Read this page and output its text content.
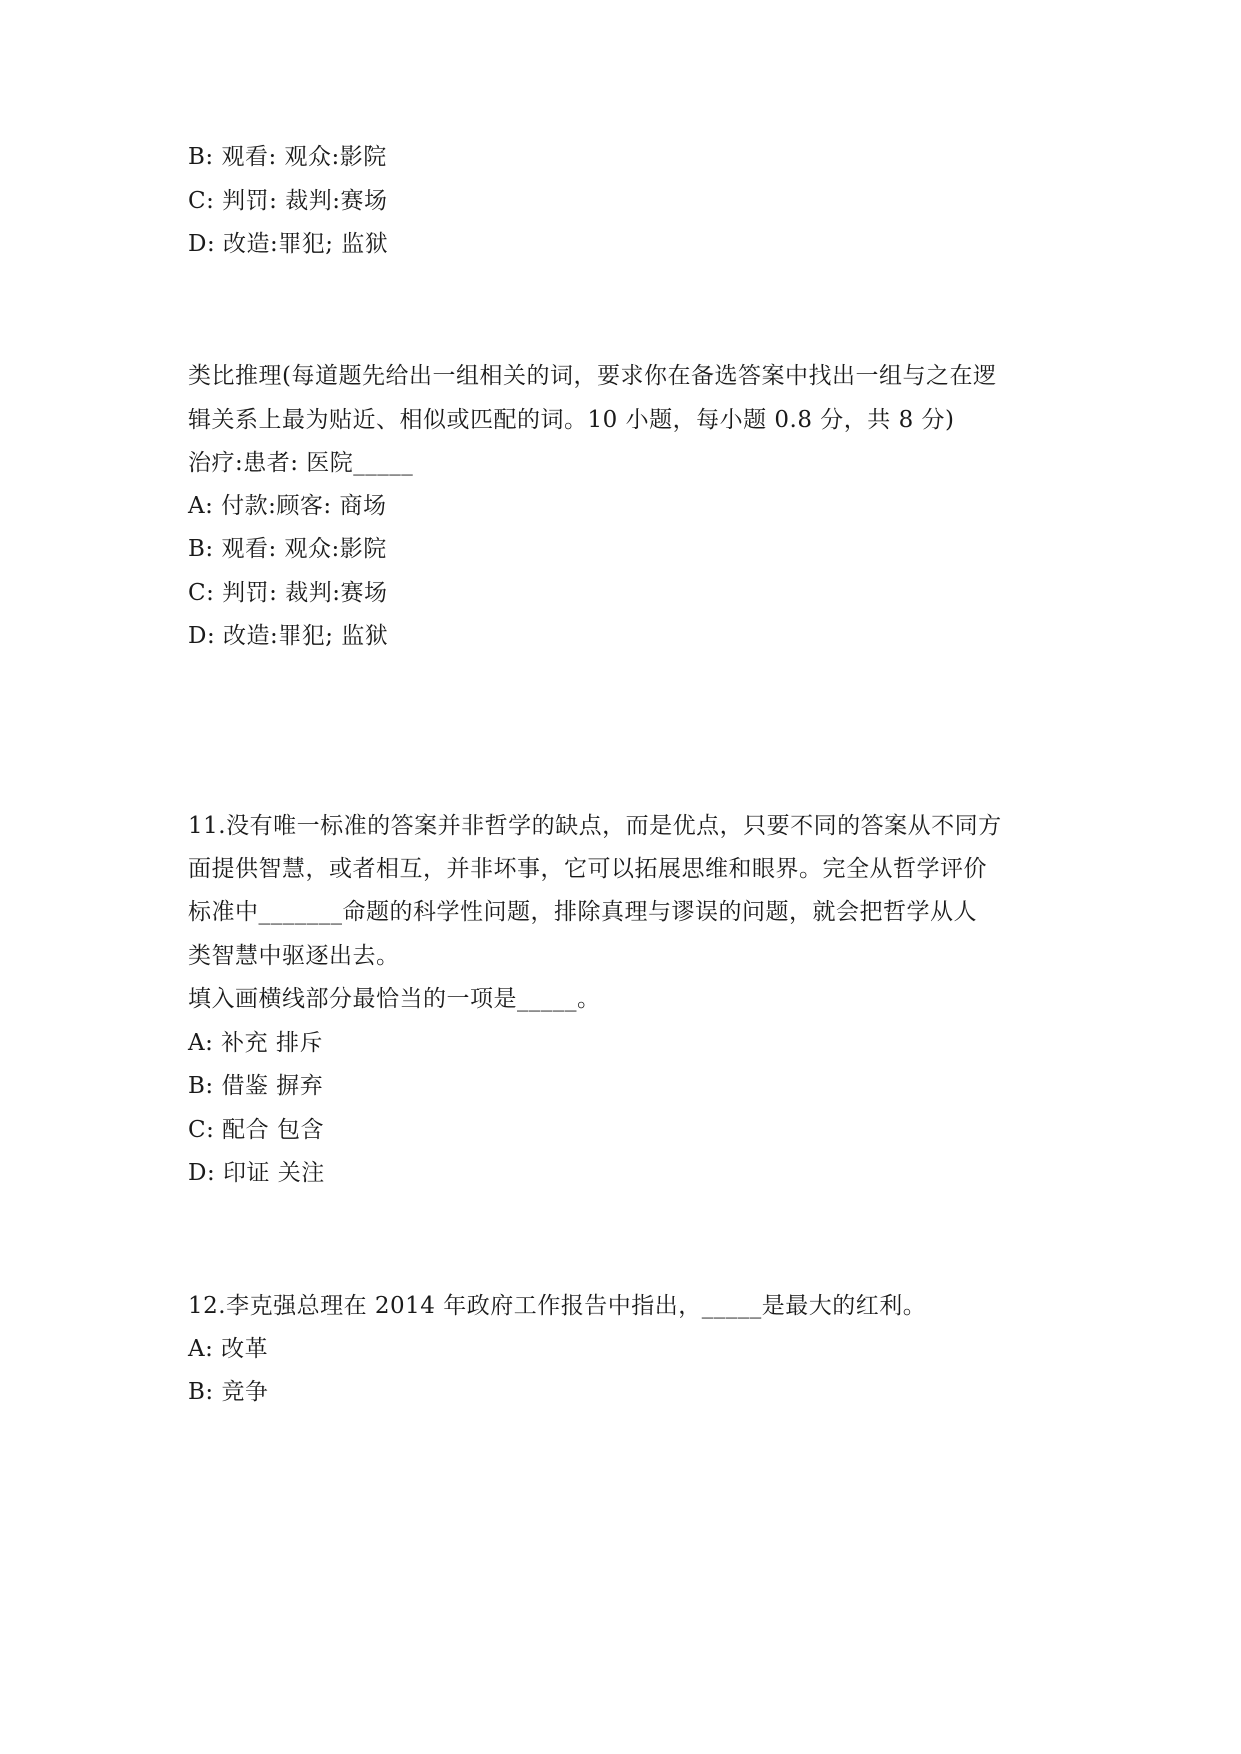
B: 观看: 观众:影院
C: 判罚: 裁判:赛场
D: 改造:罪犯; 监狱
类比推理(每道题先给出一组相关的词，要求你在备选答案中找出一组与之在逻
辑关系上最为贴近、相似或匹配的词。10 小题，每小题 0.8 分，共 8 分)
治疗:患者: 医院_____
A: 付款:顾客: 商场
B: 观看: 观众:影院
C: 判罚: 裁判:赛场
D: 改造:罪犯; 监狱
11.没有唯一标准的答案并非哲学的缺点，而是优点，只要不同的答案从不同方
面提供智慧，或者相互，并非坏事，它可以拓展思维和眼界。完全从哲学评价
标准中_______命题的科学性问题，排除真理与谬误的问题，就会把哲学从人
类智慧中驱逐出去。
填入画横线部分最恰当的一项是_____。
A: 补充 排斥
B: 借鉴 摒弃
C: 配合 包含
D: 印证 关注
12.李克强总理在 2014 年政府工作报告中指出，_____是最大的红利。
A: 改革
B: 竞争
